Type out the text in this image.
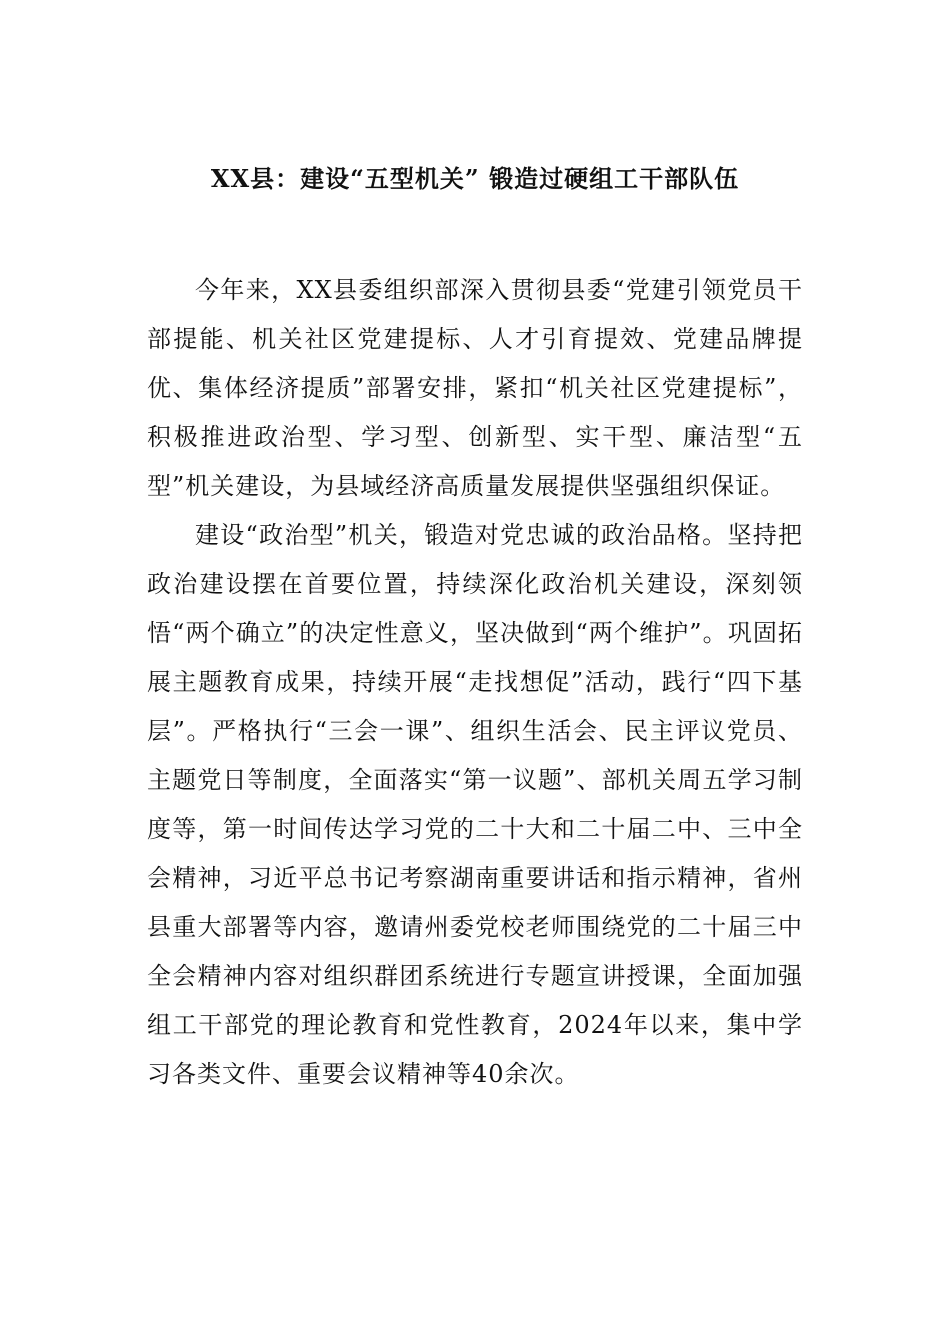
XX县：建设“五型机关” 锻造过硬组工干部队伍

今年来，XX县委组织部深入贯彻县委“党建引领党员干部提能、机关社区党建提标、人才引育提效、党建品牌提优、集体经济提质”部署安排，紧扣“机关社区党建提标”，积极推进政治型、学习型、创新型、实干型、廉洁型“五型”机关建设，为县域经济高质量发展提供坚强组织保证。

建设“政治型”机关，锻造对党忠诚的政治品格。坚持把政治建设摆在首要位置，持续深化政治机关建设，深刻领悟“两个确立”的决定性意义，坚决做到“两个维护”。巩固拓展主题教育成果，持续开展“走找想促”活动，践行“四下基层”。严格执行“三会一课”、组织生活会、民主评议党员、主题党日等制度，全面落实“第一议题”、部机关周五学习制度等，第一时间传达学习党的二十大和二十届二中、三中全会精神，习近平总书记考察湖南重要讲话和指示精神，省州县重大部署等内容，邀请州委党校老师围绕党的二十届三中全会精神内容对组织群团系统进行专题宣讲授课，全面加强组工干部党的理论教育和党性教育，2024年以来，集中学习各类文件、重要会议精神等40余次。
